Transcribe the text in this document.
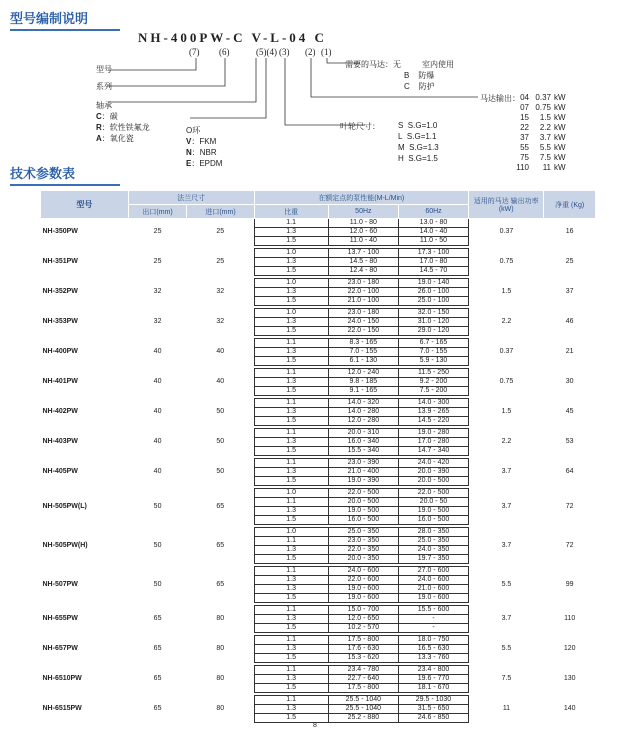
型号编制说明
NH-400PW-C V-L-04 C
(7) (6)	(5)(4) (3) (2) (1)
型号
系列
轴承
C：碳
R：软性铁氟龙
A：氧化瓷
O环
V：FKM
N：NBR
E：EPDM
叶轮尺寸： S S.G=1.0
L S.G=1.1
M S.G=1.3
H S.G=1.5
需要的马达：无	室内使用
B 防爆
C 防护
马达输出： 04 0.37 kW
07 0.75 kW
15 1.5 kW
22 2.2 kW
37 3.7 kW
55 5.5 kW
75 7.5 kW
110 11 kW
技术参数表
型号	法兰尺寸		在额定点的泵性能(M-L/Min)			适用的马达 输出功率 (kW)	净重 (Kg)
	出口(mm)	进口(mm)	比重	50Hz	60Hz		
NH-350PW	25	25	1.1	11.0 - 80	13.0 - 80	0.37	16
			1.3	12.0 - 60	14.0 - 40		
			1.5	11.0 - 40	11.0 - 50		

NH-351PW	25	25	1.0	13.7 - 100	17.3 - 100	0.75	25
			1.3	14.5 - 80	17.0 - 80		
			1.5	12.4 - 80	14.5 - 70		

NH-352PW	32	32	1.0	23.0 - 180	19.0 - 140	1.5	37
			1.3	22.0 - 100	26.0 - 100		
			1.5	21.0 - 100	25.0 - 100		

NH-353PW	32	32	1.0	23.0 - 180	32.0 - 150	2.2	46
			1.3	24.0 - 150	31.0 - 120		
			1.5	22.0 - 150	29.0 - 120		

NH-400PW	40	40	1.1	8.3 - 165	6.7 - 165	0.37	21
			1.3	7.0 - 155	7.0 - 155		
			1.5	6.1 - 130	5.9 - 130		

NH-401PW	40	40	1.1	12.0 - 240	11.5 - 250	0.75	30
			1.3	9.8 - 185	9.2 - 200		
			1.5	9.1 - 165	7.5 - 200		

NH-402PW	40	50	1.1	14.0 - 320	14.0 - 300	1.5	45
			1.3	14.0 - 280	13.9 - 265		
			1.5	12.0 - 280	14.5 - 220		

NH-403PW	40	50	1.1	20.0 - 310	19.0 - 280	2.2	53
			1.3	16.0 - 340	17.0 - 280		
			1.5	15.5 - 340	14.7 - 340		

NH-405PW	40	50	1.1	23.0 - 390	24.0 - 420	3.7	64
			1.3	21.0 - 400	20.0 - 390		
			1.5	19.0 - 390	20.0 - 500		

NH-505PW(L)	50	65	1.0	22.0 - 500	22.0 - 500	3.7	72
			1.1	20.0 - 500	20.0 - 50		
			1.3	19.0 - 500	19.0 - 500		
			1.5	16.0 - 500	16.0 - 500		

NH-505PW(H)	50	65	1.0	25.0 - 350	28.0 - 350	3.7	72
			1.1	23.0 - 350	25.0 - 350		
			1.3	22.0 - 350	24.0 - 350		
			1.5	20.0 - 350	19.7 - 350		

NH-507PW	50	65	1.1	24.0 - 600	27.0 - 600	5.5	99
			1.3	22.0 - 600	24.0 - 600		
			1.3	19.0 - 600	21.0 - 600		
			1.5	19.0 - 600	19.0 - 600		

NH-655PW	65	80	1.1	15.0 - 700	15.5 - 600	3.7	110
			1.3	12.0 - 650	-		
			1.5	10.2 - 570	-		

NH-657PW	65	80	1.1	17.5 - 800	18.0 - 750	5.5	120
			1.3	17.6 - 630	16.5 - 630		
			1.5	15.3 - 620	13.3 - 760		

NH-6510PW	65	80	1.1	23.4 - 780	23.4 - 800	7.5	130
			1.3	22.7 - 640	19.6 - 770		
			1.5	17.5 - 800	18.1 - 670		

NH-6515PW	65	80	1.1	25.5 - 1040	29.5 - 1030	11	140
			1.3	25.5 - 1040	31.5 - 650		
			1.5	25.2 - 880	24.6 - 850		

8
